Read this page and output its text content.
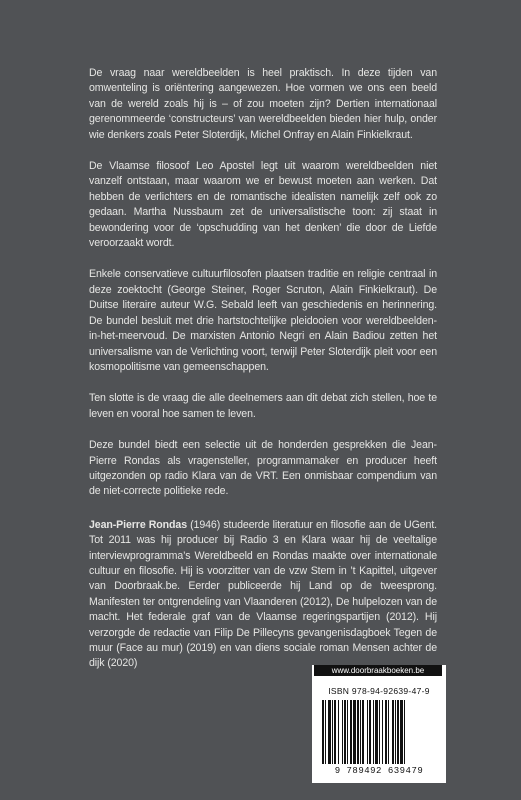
De vraag naar wereldbeelden is heel praktisch. In deze tijden van omwenteling is oriëntering aangewezen. Hoe vormen we ons een beeld van de wereld zoals hij is – of zou moeten zijn? Dertien internationaal gerenommeerde ‘constructeurs’ van wereldbeelden bieden hier hulp, onder wie denkers zoals Peter Sloterdijk, Michel Onfray en Alain Finkielkraut.

De Vlaamse filosoof Leo Apostel legt uit waarom wereldbeelden niet vanzelf ontstaan, maar waarom we er bewust moeten aan werken. Dat hebben de verlichters en de romantische idealisten namelijk zelf ook zo gedaan. Martha Nussbaum zet de universalistische toon: zij staat in bewondering voor de ‘opschudding van het denken’ die door de Liefde veroorzaakt wordt.

Enkele conservatieve cultuurfilosofen plaatsen traditie en religie centraal in deze zoektocht (George Steiner, Roger Scruton, Alain Finkielkraut). De Duitse literaire auteur W.G. Sebald leeft van geschiedenis en herinnering. De bundel besluit met drie hartstochtelijke pleidooien voor wereldbeelden-in-het-meervoud. De marxisten Antonio Negri en Alain Badiou zetten het universalisme van de Verlichting voort, terwijl Peter Sloterdijk pleit voor een kosmopolitisme van gemeenschappen.

Ten slotte is de vraag die alle deelnemers aan dit debat zich stellen, hoe te leven en vooral hoe samen te leven.

Deze bundel biedt een selectie uit de honderden gesprekken die Jean-Pierre Rondas als vragensteller, programmamaker en producer heeft uitgezonden op radio Klara van de VRT. Een onmisbaar compendium van de niet-correcte politieke rede.

Jean-Pierre Rondas (1946) studeerde literatuur en filosofie aan de UGent. Tot 2011 was hij producer bij Radio 3 en Klara waar hij de veeltalige interviewprogramma’s Wereldbeeld en Rondas maakte over internationale cultuur en filosofie. Hij is voorzitter van de vzw Stem in ’t Kapittel, uitgever van Doorbraak.be. Eerder publiceerde hij Land op de tweesprong. Manifesten ter ontgrendeling van Vlaanderen (2012), De hulpelozen van de macht. Het federale graf van de Vlaamse regeringspartijen (2012). Hij verzorgde de redactie van Filip De Pillecyns gevangenisdagboek Tegen de muur (Face au mur) (2019) en van diens sociale roman Mensen achter de dijk (2020)

www.doorbraakboeken.be
ISBN 978-94-92639-47-9
9 789492 639479
